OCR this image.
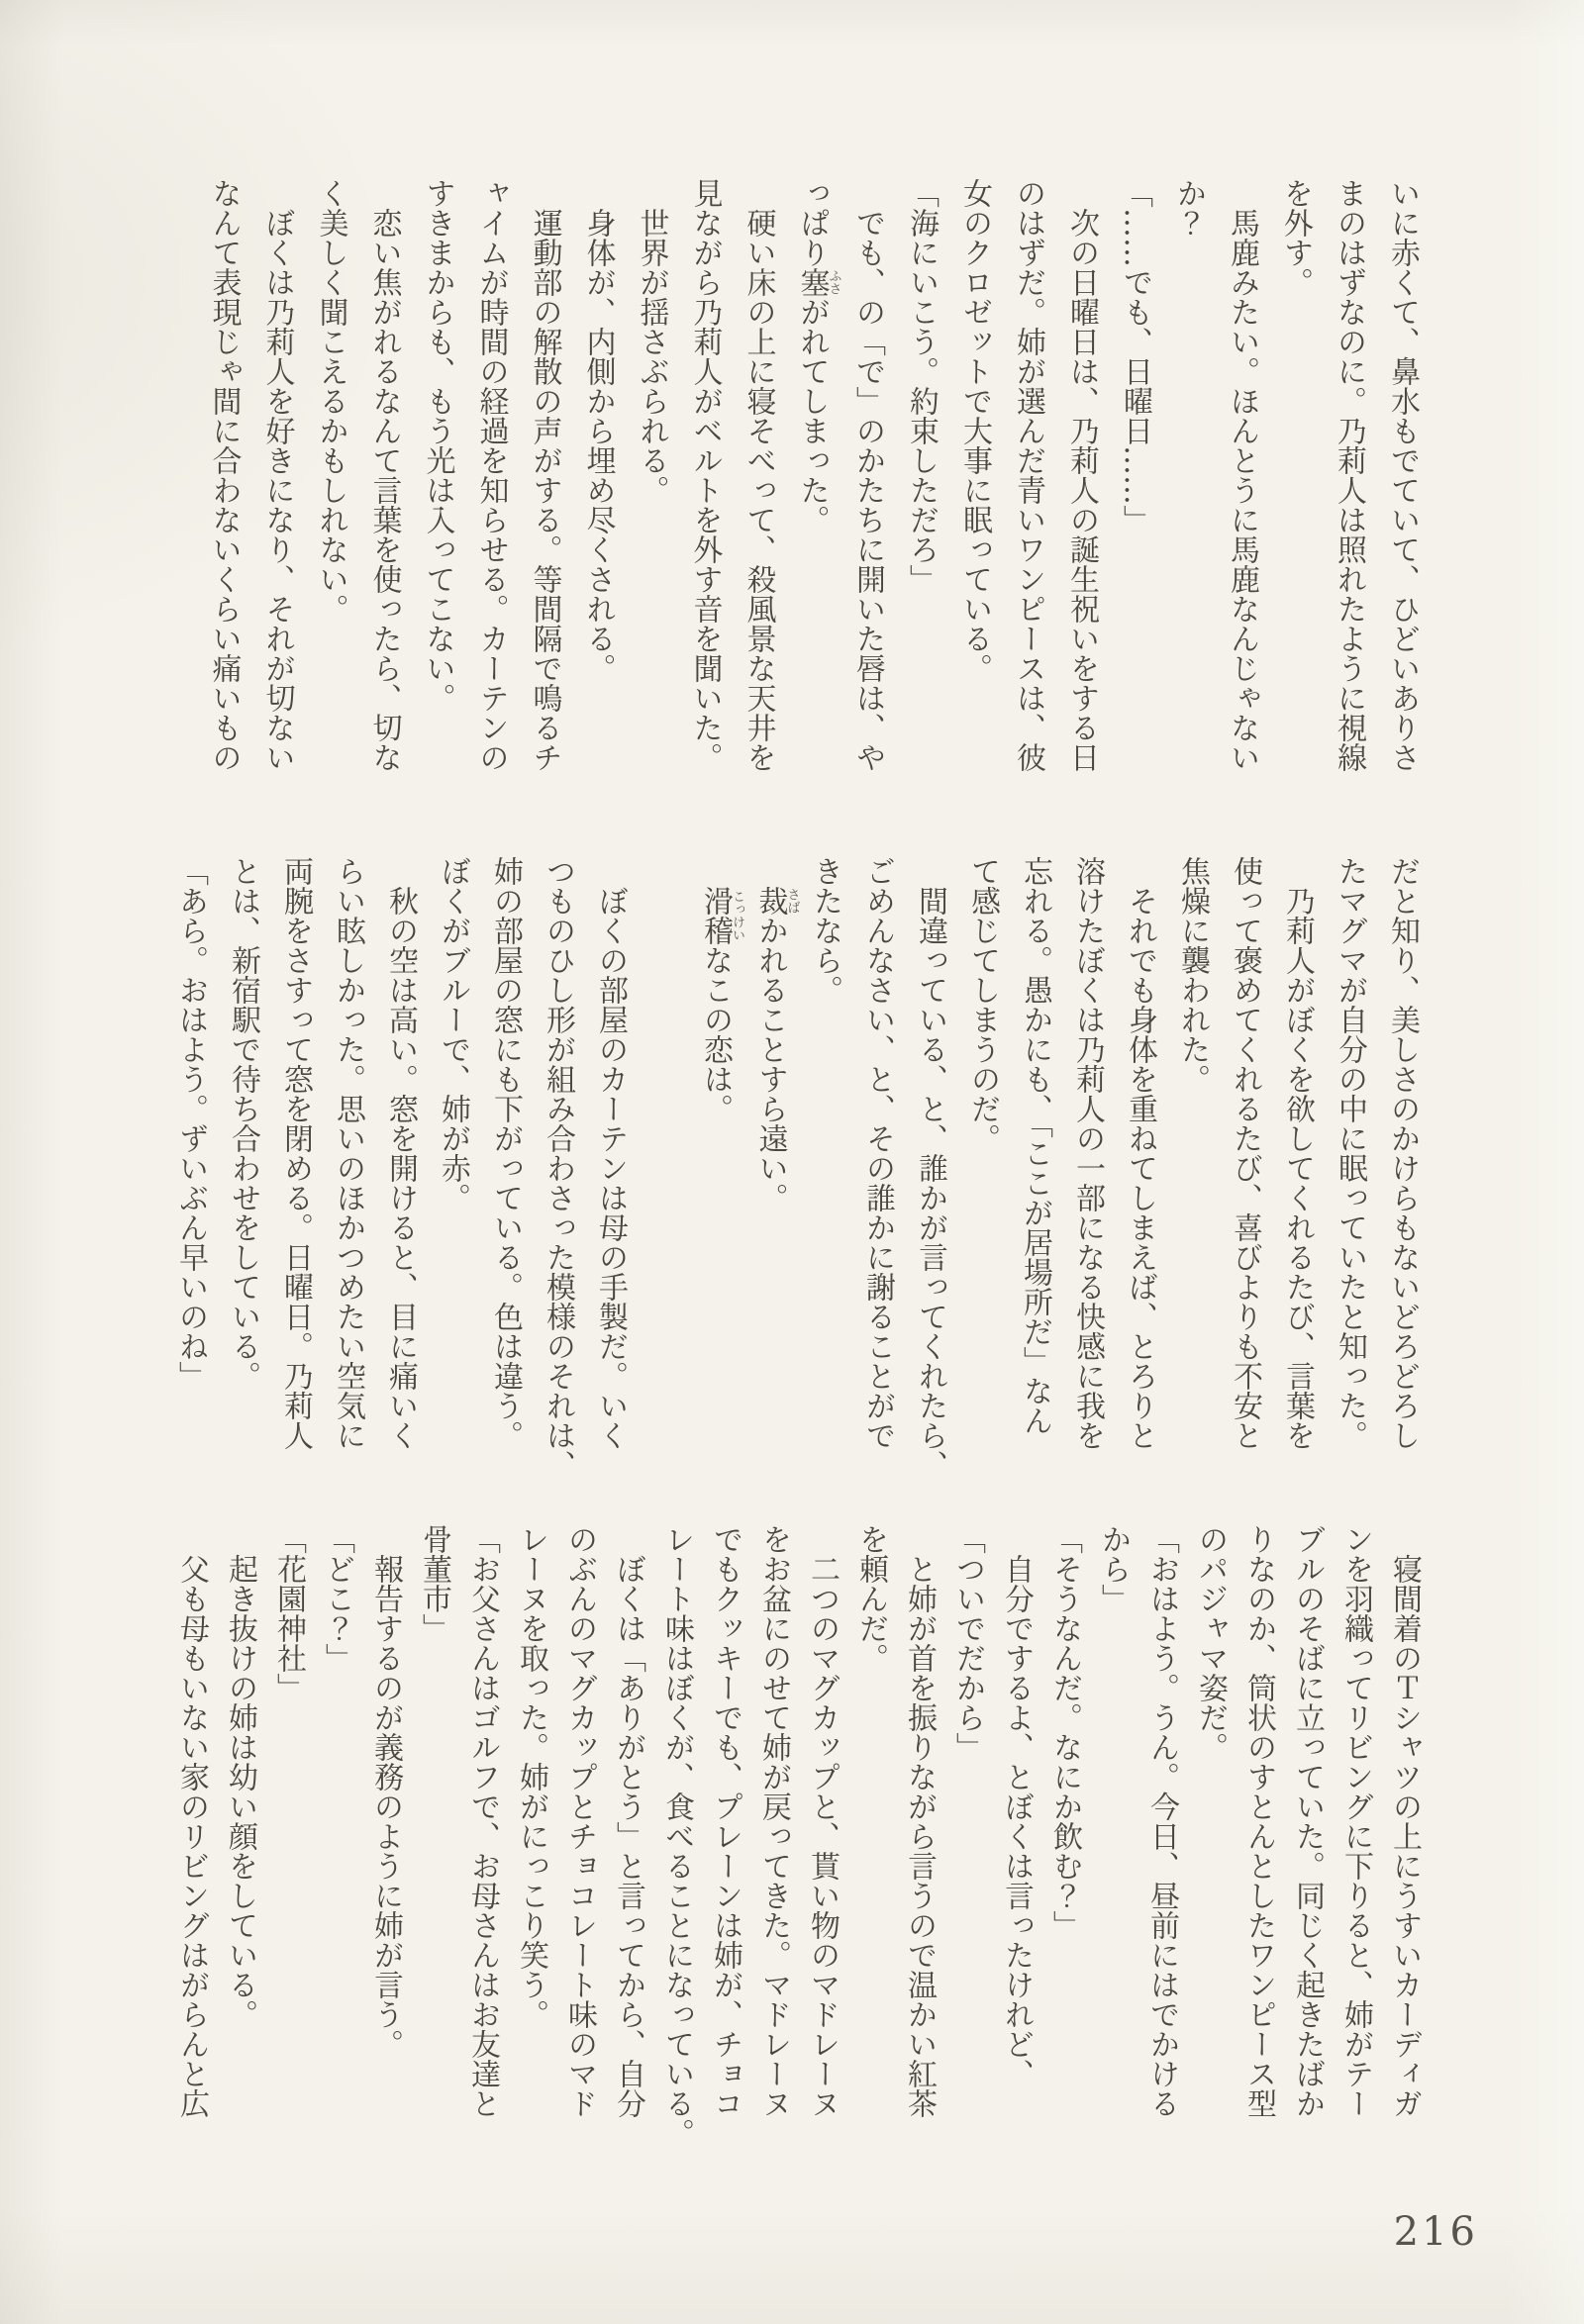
いに赤くて、鼻水もでていて、ひどいありさ

まのはずなのに。乃莉人は照れたように視線

を外す。

　馬鹿みたい。ほんとうに馬鹿なんじゃない

か？

「……でも、日曜日……」

　次の日曜日は、乃莉人の誕生祝いをする日

のはずだ。姉が選んだ青いワンピースは、彼

女のクロゼットで大事に眠っている。

「海にいこう。約束しただろ」

　でも、の「で」のかたちに開いた唇は、や

っぱり塞ふさがれてしまった。

　硬い床の上に寝そべって、殺風景な天井を

見ながら乃莉人がベルトを外す音を聞いた。

　世界が揺さぶられる。

　身体が、内側から埋め尽くされる。

　運動部の解散の声がする。等間隔で鳴るチ

ャイムが時間の経過を知らせる。カーテンの

すきまからも、もう光は入ってこない。

　恋い焦がれるなんて言葉を使ったら、切な

く美しく聞こえるかもしれない。

　ぼくは乃莉人を好きになり、それが切ない

なんて表現じゃ間に合わないくらい痛いもの

だと知り、美しさのかけらもないどろどろし

たマグマが自分の中に眠っていたと知った。

　乃莉人がぼくを欲してくれるたび、言葉を

使って褒めてくれるたび、喜びよりも不安と

焦燥に襲われた。

　それでも身体を重ねてしまえば、とろりと

溶けたぼくは乃莉人の一部になる快感に我を

忘れる。愚かにも、「ここが居場所だ」なん

て感じてしまうのだ。

　間違っている、と、誰かが言ってくれたら、

ごめんなさい、と、その誰かに謝ることがで

きたなら。

　裁さばかれることすら遠い。

　滑稽こっけいなこの恋は。

　ぼくの部屋のカーテンは母の手製だ。いく

つものひし形が組み合わさった模様のそれは、

姉の部屋の窓にも下がっている。色は違う。

ぼくがブルーで、姉が赤。

　秋の空は高い。窓を開けると、目に痛いく

らい眩しかった。思いのほかつめたい空気に

両腕をさすって窓を閉める。日曜日。乃莉人

とは、新宿駅で待ち合わせをしている。

「あら。おはよう。ずいぶん早いのね」

　寝間着のＴシャツの上にうすいカーディガ

ンを羽織ってリビングに下りると、姉がテー

ブルのそばに立っていた。同じく起きたばか

りなのか、筒状のすとんとしたワンピース型

のパジャマ姿だ。

「おはよう。うん。今日、昼前にはでかける

から」

「そうなんだ。なにか飲む？」

　自分でするよ、とぼくは言ったけれど、

「ついでだから」

　と姉が首を振りながら言うので温かい紅茶

を頼んだ。

　二つのマグカップと、貰い物のマドレーヌ

をお盆にのせて姉が戻ってきた。マドレーヌ

でもクッキーでも、プレーンは姉が、チョコ

レート味はぼくが、食べることになっている。

　ぼくは「ありがとう」と言ってから、自分

のぶんのマグカップとチョコレート味のマド

レーヌを取った。姉がにっこり笑う。

「お父さんはゴルフで、お母さんはお友達と

骨董市」

　報告するのが義務のように姉が言う。

「どこ？」

「花園神社」

　起き抜けの姉は幼い顔をしている。

　父も母もいない家のリビングはがらんと広

216
